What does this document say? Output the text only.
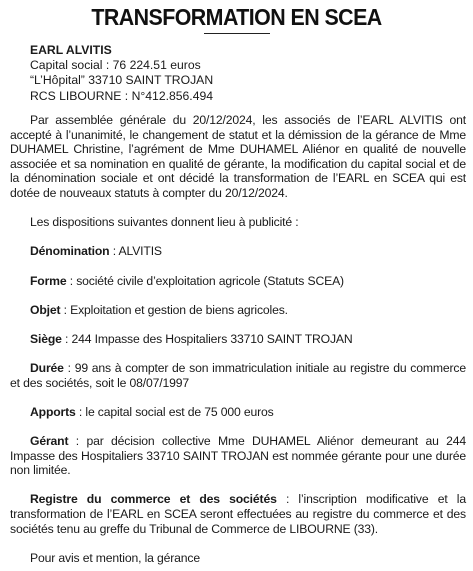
TRANSFORMATION EN SCEA
EARL ALVITIS
Capital social : 76 224.51 euros
“L’Hôpital” 33710 SAINT TROJAN
RCS LIBOURNE : N°412.856.494

Par assemblée générale du 20/12/2024, les associés de l’EARL ALVITIS ont accepté à l’unanimité, le changement de statut et la démission de la gérance de Mme DUHAMEL Christine, l’agrément de Mme DUHAMEL Aliénor en qualité de nouvelle associée et sa nomination en qualité de gérante, la modification du capital social et de la dénomination sociale et ont décidé la transformation de l’EARL en SCEA qui est dotée de nouveaux statuts à compter du 20/12/2024.

Les dispositions suivantes donnent lieu à publicité :

Dénomination : ALVITIS

Forme : société civile d’exploitation agricole (Statuts SCEA)

Objet : Exploitation et gestion de biens agricoles.

Siège : 244 Impasse des Hospitaliers 33710 SAINT TROJAN

Durée : 99 ans à compter de son immatriculation initiale au registre du commerce et des sociétés, soit le 08/07/1997

Apports : le capital social est de 75 000 euros

Gérant : par décision collective Mme DUHAMEL Aliénor demeurant au 244 Impasse des Hospitaliers 33710 SAINT TROJAN est nommée gérante pour une durée non limitée.

Registre du commerce et des sociétés : l’inscription modificative et la transformation de l’EARL en SCEA seront effectuées au registre du commerce et des sociétés tenu au greffe du Tribunal de Commerce de LIBOURNE (33).

Pour avis et mention, la gérance
